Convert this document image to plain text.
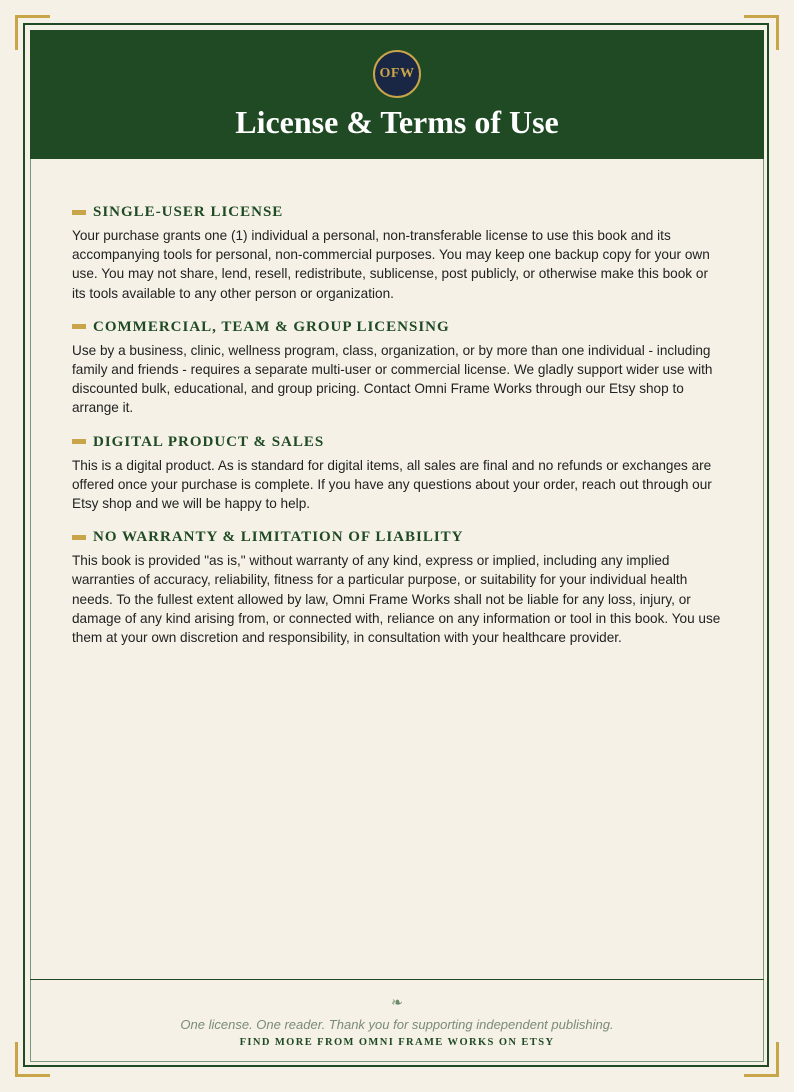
OFW
License & Terms of Use
SINGLE-USER LICENSE

Your purchase grants one (1) individual a personal, non-transferable license to use this book and its accompanying tools for personal, non-commercial purposes. You may keep one backup copy for your own use. You may not share, lend, resell, redistribute, sublicense, post publicly, or otherwise make this book or its tools available to any other person or organization.

COMMERCIAL, TEAM & GROUP LICENSING

Use by a business, clinic, wellness program, class, organization, or by more than one individual - including family and friends - requires a separate multi-user or commercial license. We gladly support wider use with discounted bulk, educational, and group pricing. Contact Omni Frame Works through our Etsy shop to arrange it.

DIGITAL PRODUCT & SALES

This is a digital product. As is standard for digital items, all sales are final and no refunds or exchanges are offered once your purchase is complete. If you have any questions about your order, reach out through our Etsy shop and we will be happy to help.

NO WARRANTY & LIMITATION OF LIABILITY

This book is provided "as is," without warranty of any kind, express or implied, including any implied warranties of accuracy, reliability, fitness for a particular purpose, or suitability for your individual health needs. To the fullest extent allowed by law, Omni Frame Works shall not be liable for any loss, injury, or damage of any kind arising from, or connected with, reliance on any information or tool in this book. You use them at your own discretion and responsibility, in consultation with your healthcare provider.

❧

One license. One reader. Thank you for supporting independent publishing.

FIND MORE FROM OMNI FRAME WORKS ON ETSY
